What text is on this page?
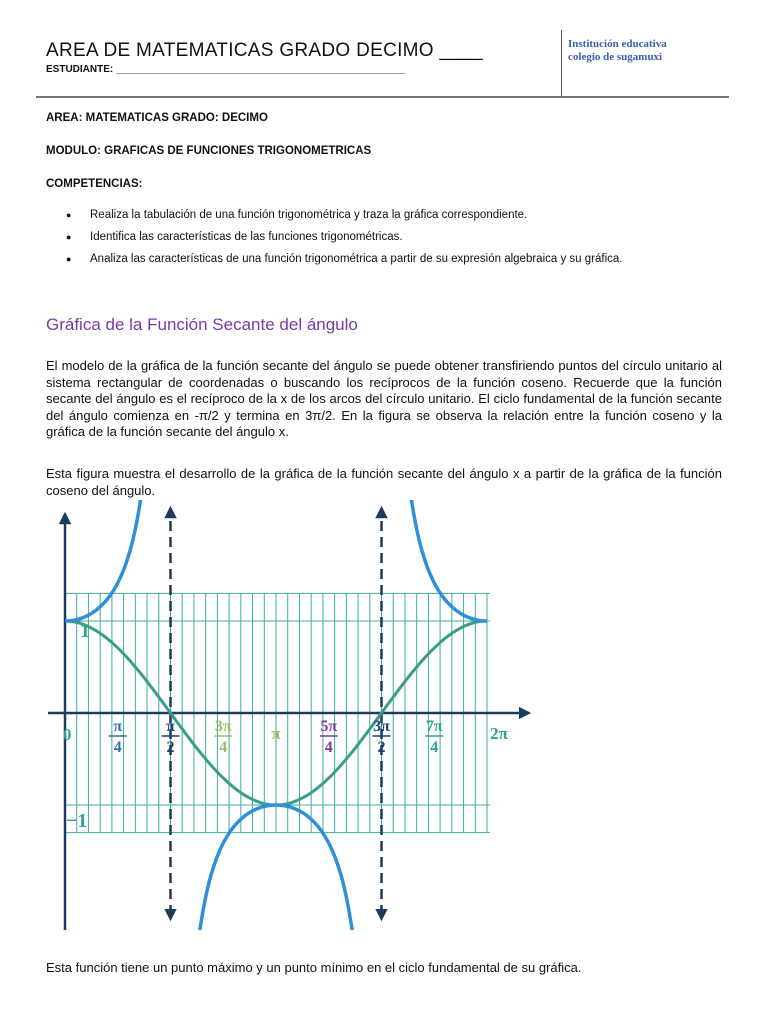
AREA DE MATEMATICAS GRADO DECIMO ____
ESTUDIANTE: ____________________________________________________
Institución educativa
colegio de sugamuxi
AREA: MATEMATICAS GRADO: DECIMO
MODULO: GRAFICAS DE FUNCIONES TRIGONOMETRICAS
COMPETENCIAS:
● Realiza la tabulación de una función trigonométrica y traza la gráfica correspondiente.
● Identifica las características de las funciones trigonométricas.
● Analiza las características de una función trigonométrica a partir de su expresión algebraica y su gráfica.
Gráfica de la Función Secante del ángulo
El modelo de la gráfica de la función secante del ángulo se puede obtener transfiriendo puntos del círculo unitario al sistema rectangular de coordenadas o buscando los recíprocos de la función coseno. Recuerde que la función secante del ángulo es el recíproco de la x de los arcos del círculo unitario. El ciclo fundamental de la función secante del ángulo comienza en -π/2 y termina en 3π/2. En la figura se observa la relación entre la función coseno y la gráfica de la función secante del ángulo x.
Esta figura muestra el desarrollo de la gráfica de la función secante del ángulo x a partir de la gráfica de la función coseno del ángulo.
π
4
π
2
3π
4
π 5π
4
3π
2
7π
4
2π
0
1
−1
Esta función tiene un punto máximo y un punto mínimo en el ciclo fundamental de su gráfica.
